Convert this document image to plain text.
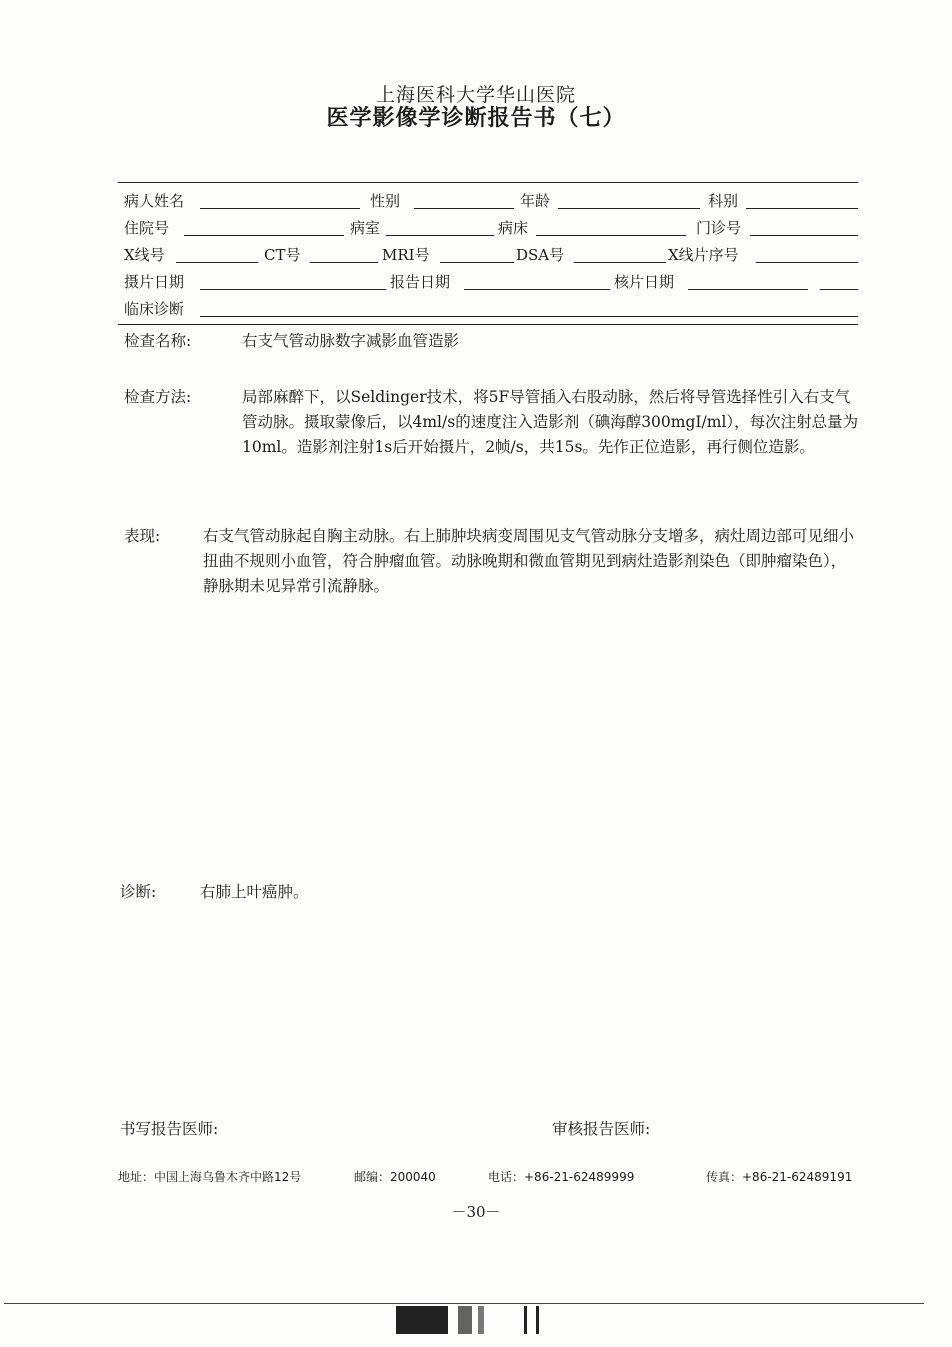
上海医科大学华山医院
医学影像学诊断报告书（七）
病人姓名	性别	年龄	科别
住院号	病室	病床	门诊号
X线号	CT号	MRI号	DSA号	X线片序号
摄片日期	报告日期	核片日期
临床诊断
检查名称:	右支气管动脉数字减影血管造影
检查方法:	局部麻醉下，以Seldinger技术，将5F导管插入右股动脉，然后将导管选择性引入右支气管动脉。摄取蒙像后，以4ml/s的速度注入造影剂（碘海醇300mgI/ml），每次注射总量为10ml。造影剂注射1s后开始摄片，2帧/s，共15s。先作正位造影，再行侧位造影。
表现:	右支气管动脉起自胸主动脉。右上肺肿块病变周围见支气管动脉分支增多，病灶周边部可见细小扭曲不规则小血管，符合肿瘤血管。动脉晚期和微血管期见到病灶造影剂染色（即肿瘤染色），静脉期未见异常引流静脉。
诊断:	右肺上叶癌肿。
书写报告医师:	审核报告医师:
地址：中国上海乌鲁木齐中路12号	邮编：200040	电话：+86-21-62489999	传真：+86-21-62489191
－30－
